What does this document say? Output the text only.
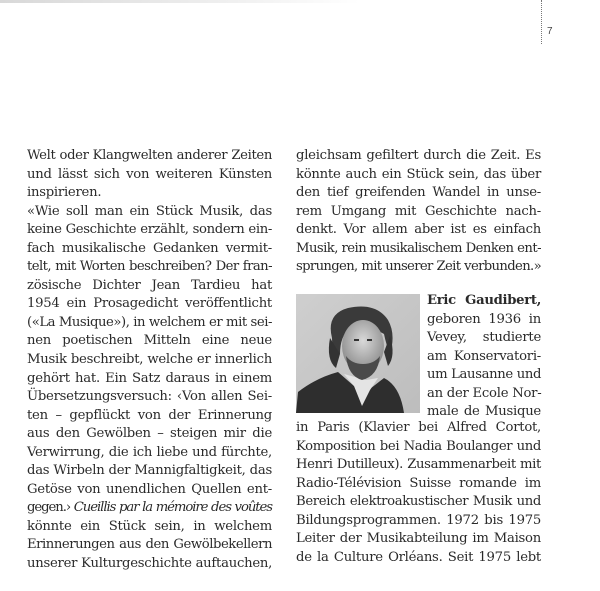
7
Welt oder Klangwelten anderer Zeiten
und lässt sich von weiteren Künsten
inspirieren.
«Wie soll man ein Stück Musik, das
keine Geschichte erzählt, sondern ein-
fach musikalische Gedanken vermit-
telt, mit Worten beschreiben? Der fran-
zösische Dichter Jean Tardieu hat
1954 ein Prosagedicht veröffentlicht
(«La Musique»), in welchem er mit sei-
nen poetischen Mitteln eine neue
Musik beschreibt, welche er innerlich
gehört hat. Ein Satz daraus in einem
Übersetzungsversuch: ‹Von allen Sei-
ten – gepflückt von der Erinnerung
aus den Gewölben – steigen mir die
Verwirrung, die ich liebe und fürchte,
das Wirbeln der Mannigfaltigkeit, das
Getöse von unendlichen Quellen ent-
gegen.› Cueillis par la mémoire des voûtes
könnte ein Stück sein, in welchem
Erinnerungen aus den Gewölbekellern
unserer Kulturgeschichte auftauchen,
gleichsam gefiltert durch die Zeit. Es
könnte auch ein Stück sein, das über
den tief greifenden Wandel in unse-
rem Umgang mit Geschichte nach-
denkt. Vor allem aber ist es einfach
Musik, rein musikalischem Denken ent-
sprungen, mit unserer Zeit verbunden.»
Eric Gaudibert,
geboren 1936 in
Vevey, studierte
am Konservatori-
um Lausanne und
an der Ecole Nor-
male de Musique
in Paris (Klavier bei Alfred Cortot,
Komposition bei Nadia Boulanger und
Henri Dutilleux). Zusammenarbeit mit
Radio-Télévision Suisse romande im
Bereich elektroakustischer Musik und
Bildungsprogrammen. 1972 bis 1975
Leiter der Musikabteilung im Maison
de la Culture Orléans. Seit 1975 lebt
